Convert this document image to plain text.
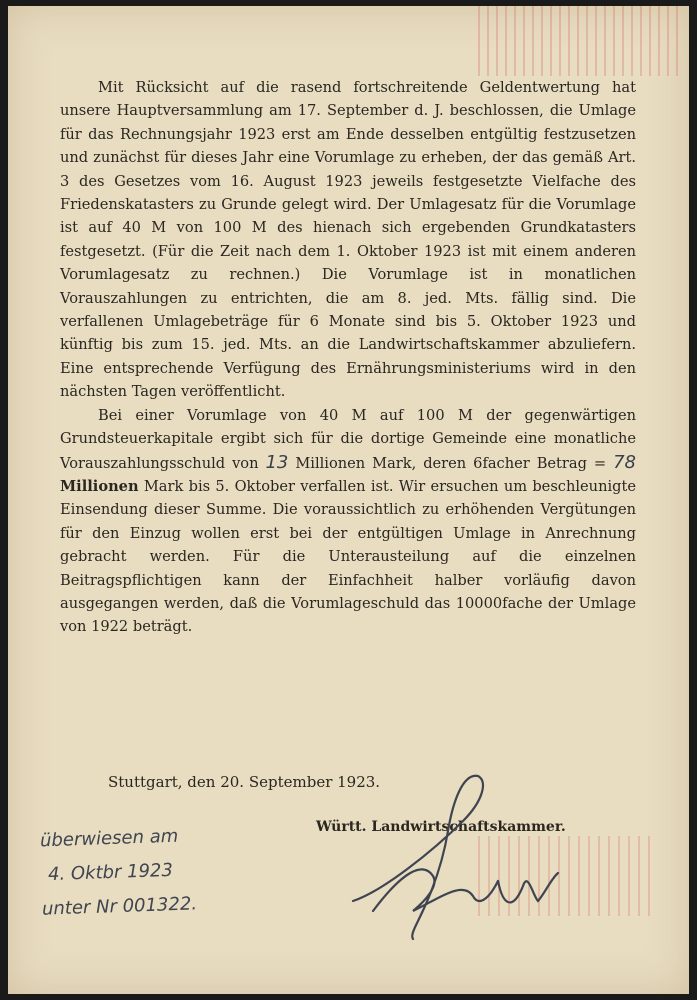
Mit Rücksicht auf die rasend fortschreitende Geldentwertung hat unsere Hauptversammlung am 17. September d. J. beschlossen, die Umlage für das Rechnungsjahr 1923 erst am Ende desselben entgültig festzusetzen und zunächst für dieses Jahr eine Vorumlage zu erheben, der das gemäß Art. 3 des Gesetzes vom 16. August 1923 jeweils festgesetzte Vielfache des Friedenskatasters zu Grunde gelegt wird. Der Umlagesatz für die Vorumlage ist auf 40 M von 100 M des hienach sich ergebenden Grundkatasters festgesetzt. (Für die Zeit nach dem 1. Oktober 1923 ist mit einem anderen Vorumlagesatz zu rechnen.) Die Vorumlage ist in monatlichen Vorauszahlungen zu entrichten, die am 8. jed. Mts. fällig sind. Die verfallenen Umlagebeträge für 6 Monate sind bis 5. Oktober 1923 und künftig bis zum 15. jed. Mts. an die Landwirtschaftskammer abzuliefern. Eine entsprechende Verfügung des Ernährungsministeriums wird in den nächsten Tagen veröffentlicht.

Bei einer Vorumlage von 40 M auf 100 M der gegenwärtigen Grundsteuerkapitale ergibt sich für die dortige Gemeinde eine monatliche Vorauszahlungsschuld von 13 Millionen Mark, deren 6facher Betrag = 78 Millionen Mark bis 5. Oktober verfallen ist. Wir ersuchen um beschleunigte Einsendung dieser Summe. Die voraussichtlich zu erhöhenden Vergütungen für den Einzug wollen erst bei der entgültigen Umlage in Anrechnung gebracht werden. Für die Unterausteilung auf die einzelnen Beitragspflichtigen kann der Einfachheit halber vorläufig davon ausgegangen werden, daß die Vorumlageschuld das 10000fache der Umlage von 1922 beträgt.

Stuttgart, den 20. September 1923.
Württ. Landwirtschaftskammer.
überwiesen am
4. Oktbr 1923
unter Nr 001322.
